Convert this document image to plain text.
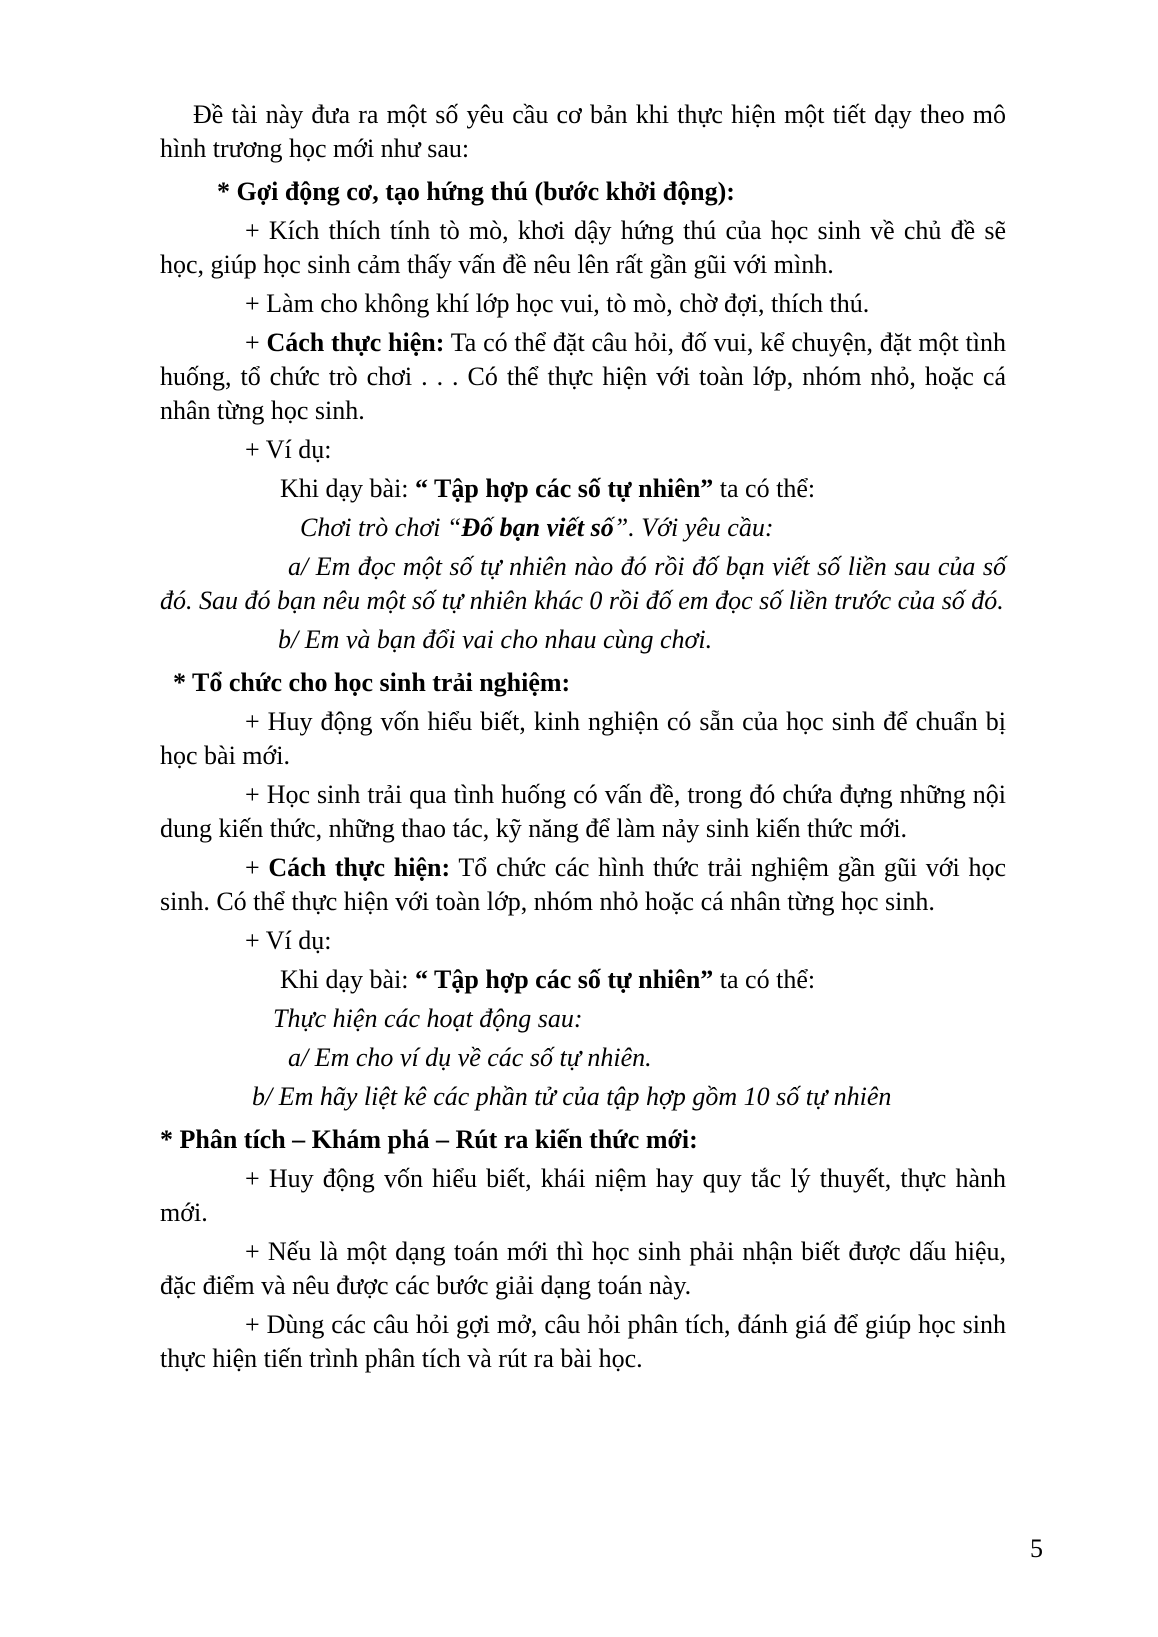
Đề tài này đưa ra một số yêu cầu cơ bản khi thực hiện một tiết dạy theo mô hình trương học mới như sau:

* Gợi động cơ, tạo hứng thú (bước khởi động):

+ Kích thích tính tò mò, khơi dậy hứng thú của học sinh về chủ đề sẽ học, giúp học sinh cảm thấy vấn đề nêu lên rất gần gũi với mình.

+ Làm cho không khí lớp học vui, tò mò, chờ đợi, thích thú.

+ Cách thực hiện: Ta có thể đặt câu hỏi, đố vui, kể chuyện, đặt một tình huống, tổ chức trò chơi . . . Có thể thực hiện với toàn lớp, nhóm nhỏ, hoặc cá nhân từng học sinh.

+ Ví dụ:

Khi dạy bài: “ Tập hợp các số tự nhiên” ta có thể:

Chơi trò chơi “Đố bạn viết số”. Với yêu cầu:

a/ Em đọc một số tự nhiên nào đó rồi đố bạn viết số liền sau của số đó. Sau đó bạn nêu một số tự nhiên khác 0 rồi đố em đọc số liền trước của số đó.

b/ Em và bạn đổi vai cho nhau cùng chơi.

* Tổ chức cho học sinh trải nghiệm:

+ Huy động vốn hiểu biết, kinh nghiện có sẵn của học sinh để chuẩn bị học bài mới.

+ Học sinh trải qua tình huống có vấn đề, trong đó chứa đựng những nội dung kiến thức, những thao tác, kỹ năng để làm nảy sinh kiến thức mới.

+ Cách thực hiện: Tổ chức các hình thức trải nghiệm gần gũi với học sinh. Có thể thực hiện với toàn lớp, nhóm nhỏ hoặc cá nhân từng học sinh.

+ Ví dụ:

Khi dạy bài: “ Tập hợp các số tự nhiên” ta có thể:

Thực hiện các hoạt động sau:

a/ Em cho ví dụ về các số tự nhiên.

b/ Em hãy liệt kê các phần tử của tập hợp gồm 10 số tự nhiên

* Phân tích – Khám phá – Rút ra kiến thức mới:

+ Huy động vốn hiểu biết, khái niệm hay quy tắc lý thuyết, thực hành mới.

+ Nếu là một dạng toán mới thì học sinh phải nhận biết được dấu hiệu, đặc điểm và nêu được các bước giải dạng toán này.

+ Dùng các câu hỏi gợi mở, câu hỏi phân tích, đánh giá để giúp học sinh thực hiện tiến trình phân tích và rút ra bài học.

5
